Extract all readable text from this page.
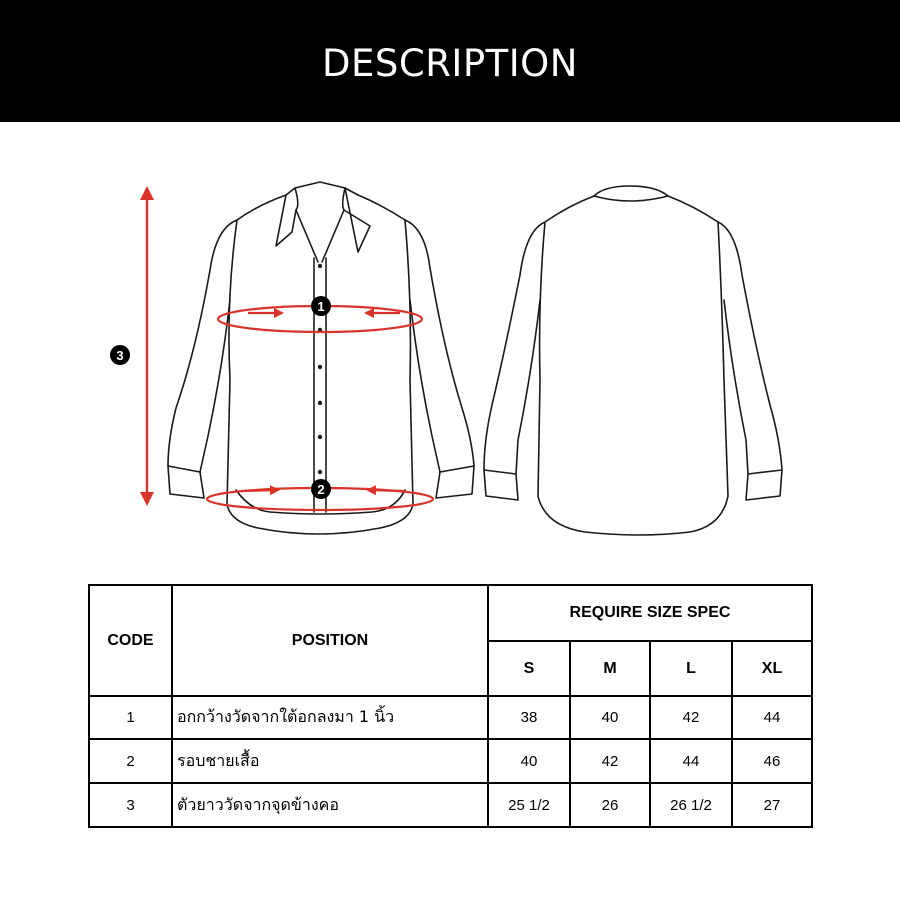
DESCRIPTION
1
2
3
CODE	POSITION	REQUIRE SIZE SPEC			
		S	M	L	XL
1	อกกว้างวัดจากใต้อกลงมา 1 นิ้ว	38	40	42	44
2	รอบชายเสื้อ	40	42	44	46
3	ตัวยาววัดจากจุดข้างคอ	25 1/2	26	26 1/2	27
